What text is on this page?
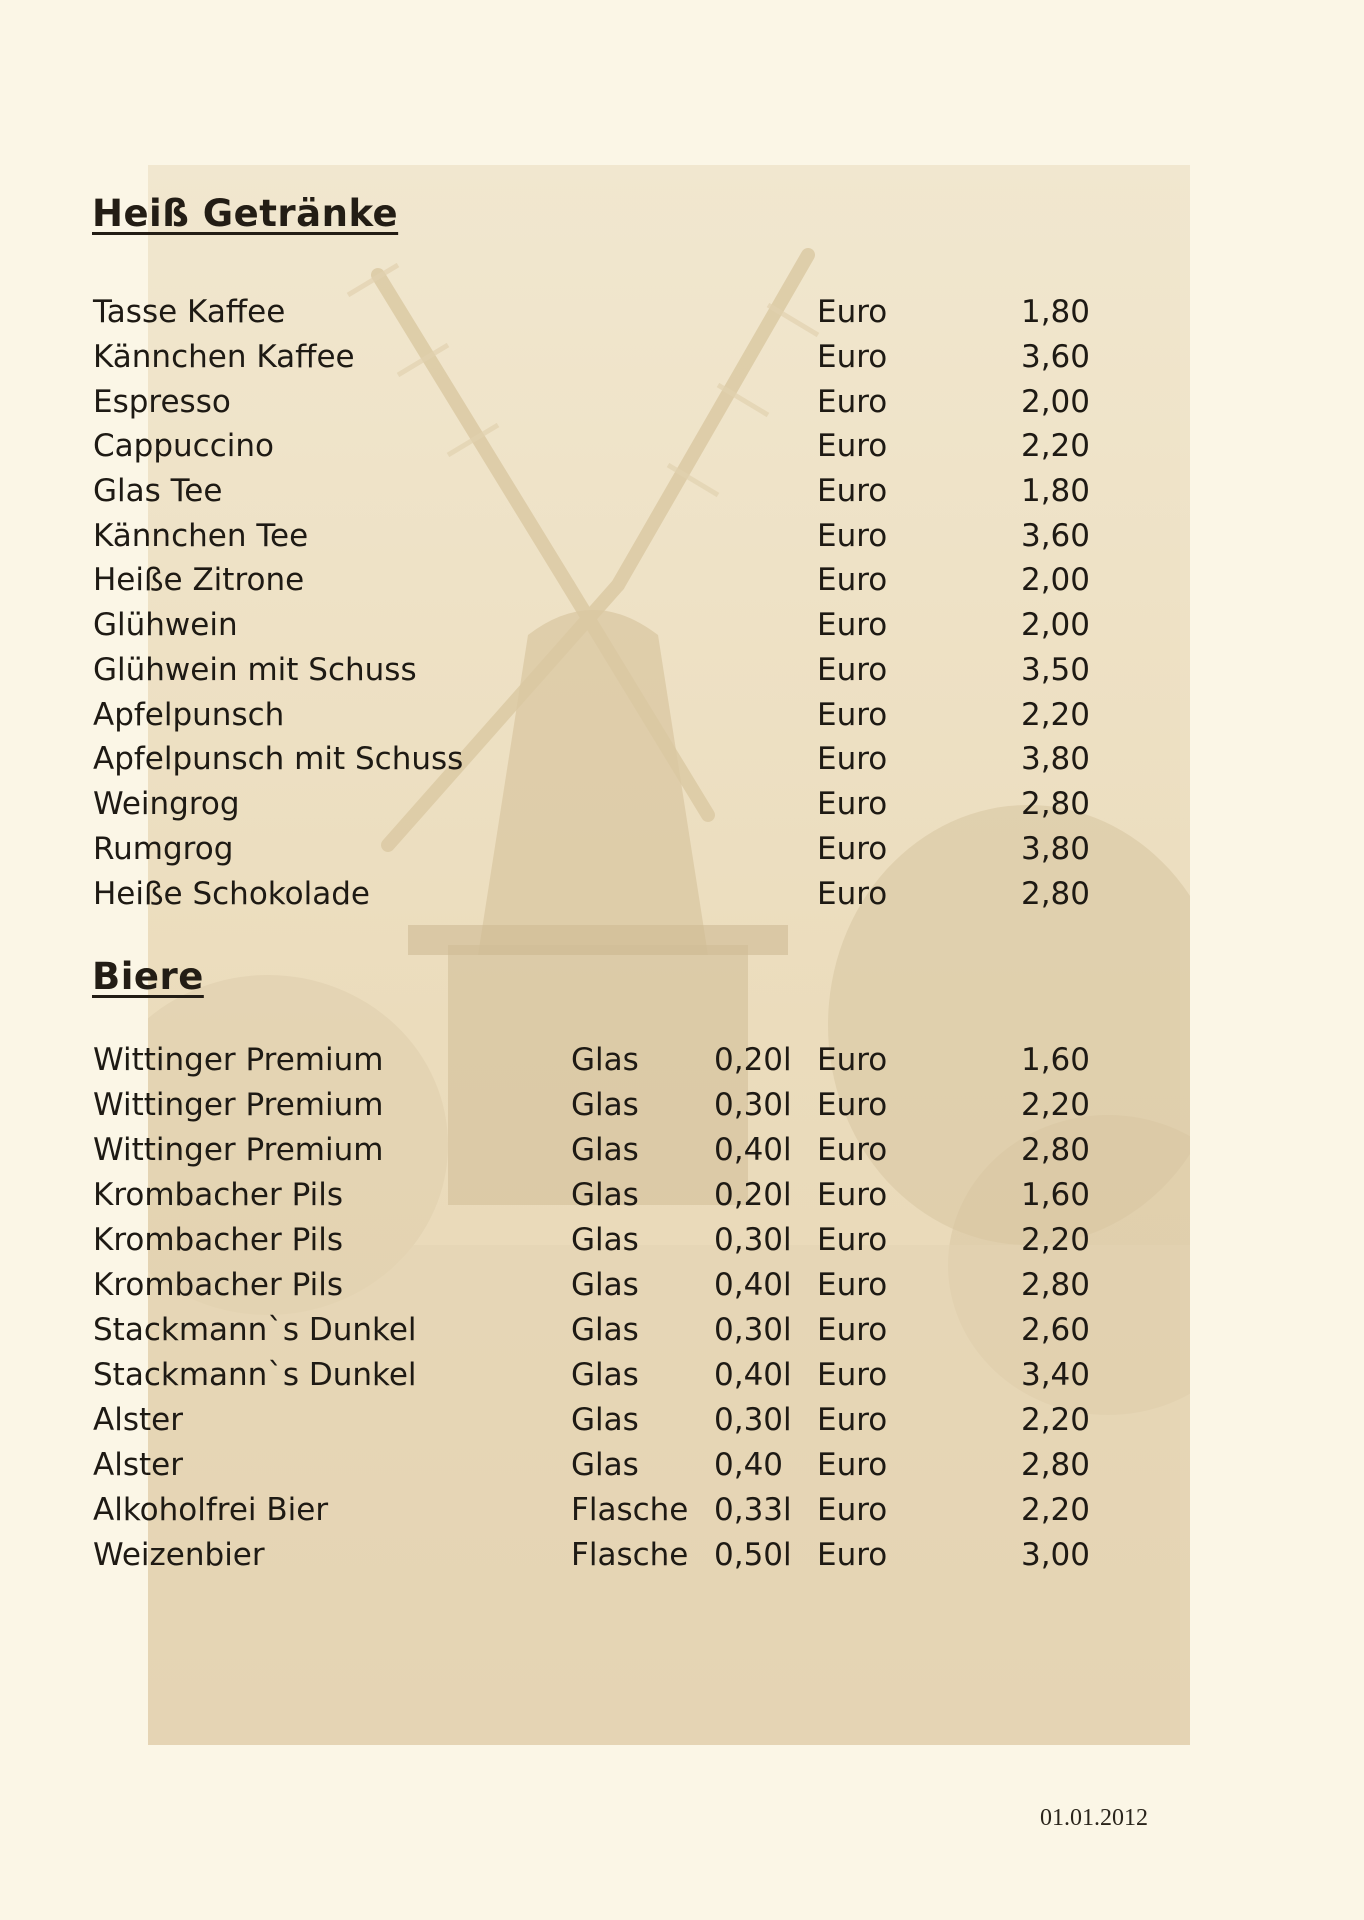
Heiß Getränke
Tasse Kaffee	Euro	1,80
Kännchen Kaffee	Euro	3,60
Espresso	Euro	2,00
Cappuccino	Euro	2,20
Glas Tee	Euro	1,80
Kännchen Tee	Euro	3,60
Heiße Zitrone	Euro	2,00
Glühwein	Euro	2,00
Glühwein mit Schuss	Euro	3,50
Apfelpunsch	Euro	2,20
Apfelpunsch mit Schuss	Euro	3,80
Weingrog	Euro	2,80
Rumgrog	Euro	3,80
Heiße Schokolade	Euro	2,80
Biere
Wittinger Premium	Glas 0,20l Euro	1,60
Wittinger Premium	Glas 0,30l Euro	2,20
Wittinger Premium	Glas 0,40l Euro	2,80
Krombacher Pils	Glas 0,20l Euro	1,60
Krombacher Pils	Glas 0,30l Euro	2,20
Krombacher Pils	Glas 0,40l Euro	2,80
Stackmann`s Dunkel	Glas 0,30l Euro	2,60
Stackmann`s Dunkel	Glas 0,40l Euro	3,40
Alster	Glas 0,30l Euro	2,20
Alster	Glas 0,40 Euro	2,80
Alkoholfrei Bier	Flasche 0,33l Euro	2,20
Weizenbier	Flasche 0,50l Euro	3,00
01.01.2012
